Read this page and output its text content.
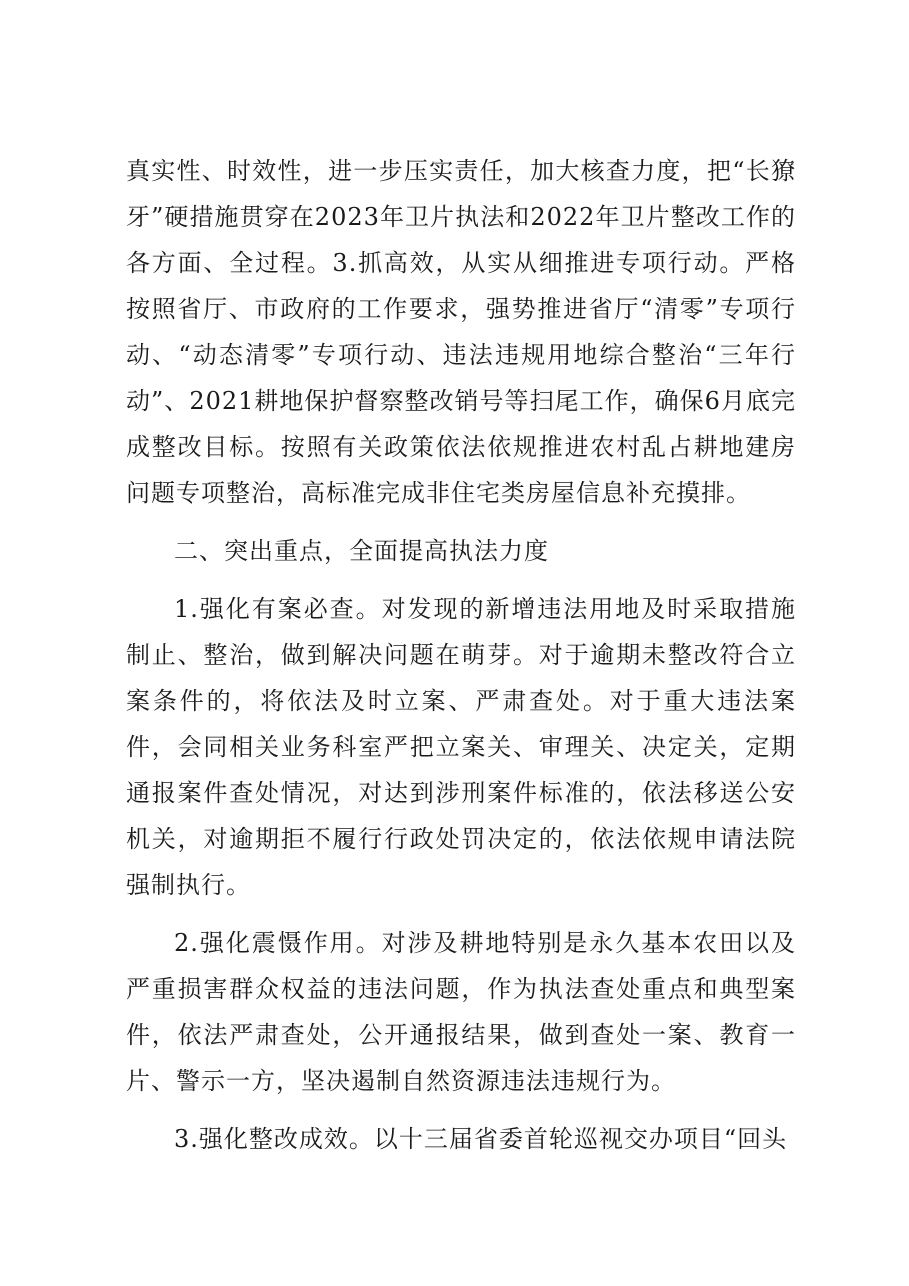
真实性、时效性，进一步压实责任，加大核查力度，把“长獠牙”硬措施贯穿在2023年卫片执法和2022年卫片整改工作的各方面、全过程。3.抓高效，从实从细推进专项行动。严格按照省厅、市政府的工作要求，强势推进省厅“清零”专项行动、“动态清零”专项行动、违法违规用地综合整治“三年行动”、2021耕地保护督察整改销号等扫尾工作，确保6月底完成整改目标。按照有关政策依法依规推进农村乱占耕地建房问题专项整治，高标准完成非住宅类房屋信息补充摸排。

二、突出重点，全面提高执法力度

1.强化有案必查。对发现的新增违法用地及时采取措施制止、整治，做到解决问题在萌芽。对于逾期未整改符合立案条件的，将依法及时立案、严肃查处。对于重大违法案件，会同相关业务科室严把立案关、审理关、决定关，定期通报案件查处情况，对达到涉刑案件标准的，依法移送公安机关，对逾期拒不履行行政处罚决定的，依法依规申请法院强制执行。

2.强化震慑作用。对涉及耕地特别是永久基本农田以及严重损害群众权益的违法问题，作为执法查处重点和典型案件，依法严肃查处，公开通报结果，做到查处一案、教育一片、警示一方，坚决遏制自然资源违法违规行为。

3.强化整改成效。以十三届省委首轮巡视交办项目“回头
